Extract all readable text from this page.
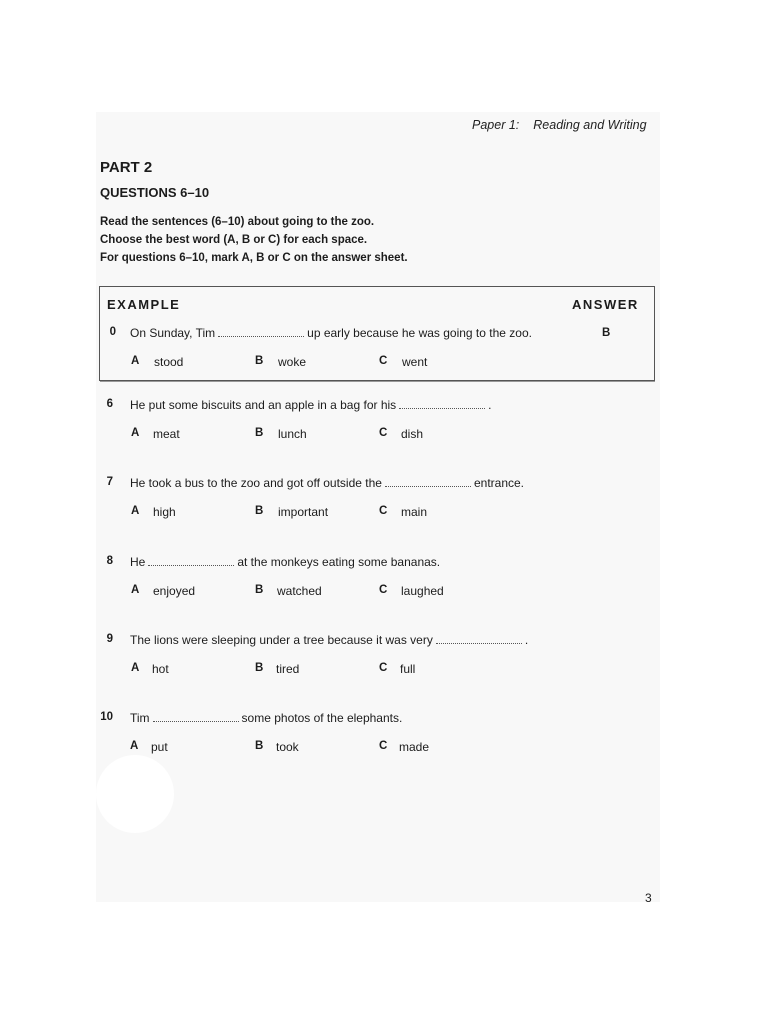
Paper 1: Reading and Writing
PART 2
QUESTIONS 6–10
Read the sentences (6–10) about going to the zoo.
Choose the best word (A, B or C) for each space.
For questions 6–10, mark A, B or C on the answer sheet.
EXAMPLE	ANSWER
0 On Sunday, Tim	up early because he was going to the zoo.	B
A stood	B woke	C went
6 He put some biscuits and an apple in a bag for his	.
A meat	B lunch	C dish
7 He took a bus to the zoo and got off outside the	entrance.
A high	B important	C main
8 He	at the monkeys eating some bananas.
A enjoyed	B watched	C laughed
9 The lions were sleeping under a tree because it was very	.
A hot	B tired	C full
10 Tim	some photos of the elephants.
A put	B took	C made
3
